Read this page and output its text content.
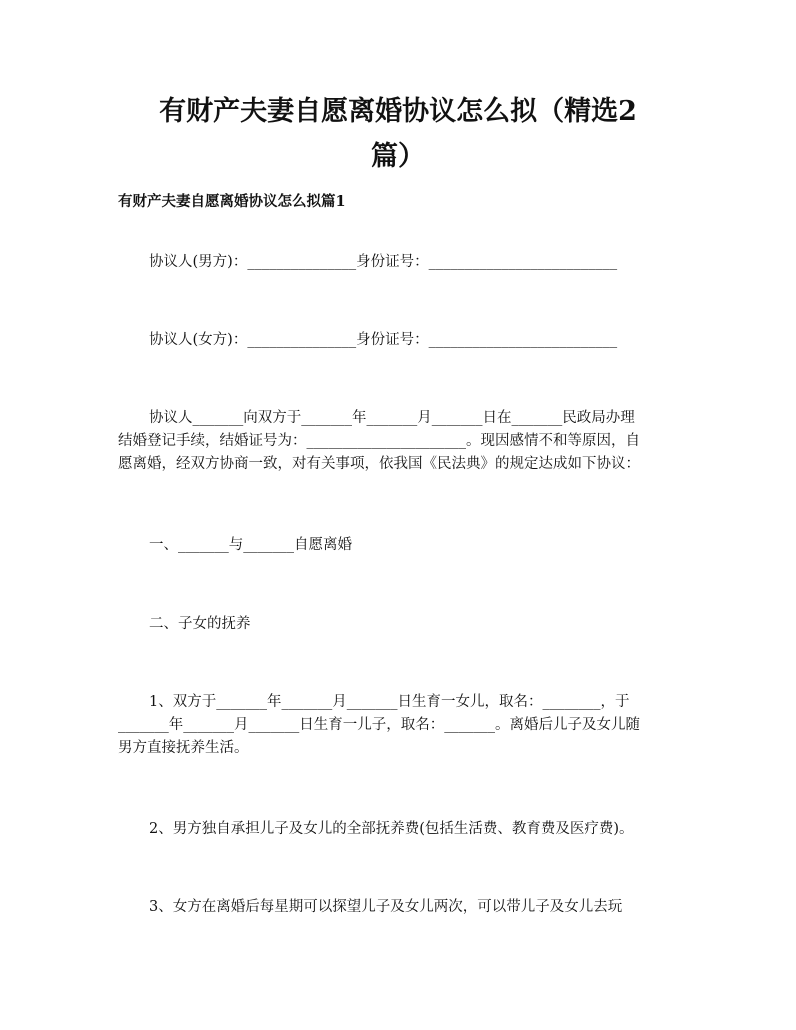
有财产夫妻自愿离婚协议怎么拟（精选2
篇）
有财产夫妻自愿离婚协议怎么拟篇1

协议人(男方)：_______________身份证号：__________________________

协议人(女方)：_______________身份证号：__________________________

协议人_______向双方于_______年_______月_______日在_______民政局办理
结婚登记手续，结婚证号为：______________________。现因感情不和等原因，自
愿离婚，经双方协商一致，对有关事项，依我国《民法典》的规定达成如下协议：

一、_______与_______自愿离婚

二、子女的抚养

1、双方于_______年_______月_______日生育一女儿，取名：________，于
_______年_______月_______日生育一儿子，取名：_______。离婚后儿子及女儿随
男方直接抚养生活。

2、男方独自承担儿子及女儿的全部抚养费(包括生活费、教育费及医疗费)。

3、女方在离婚后每星期可以探望儿子及女儿两次，可以带儿子及女儿去玩
